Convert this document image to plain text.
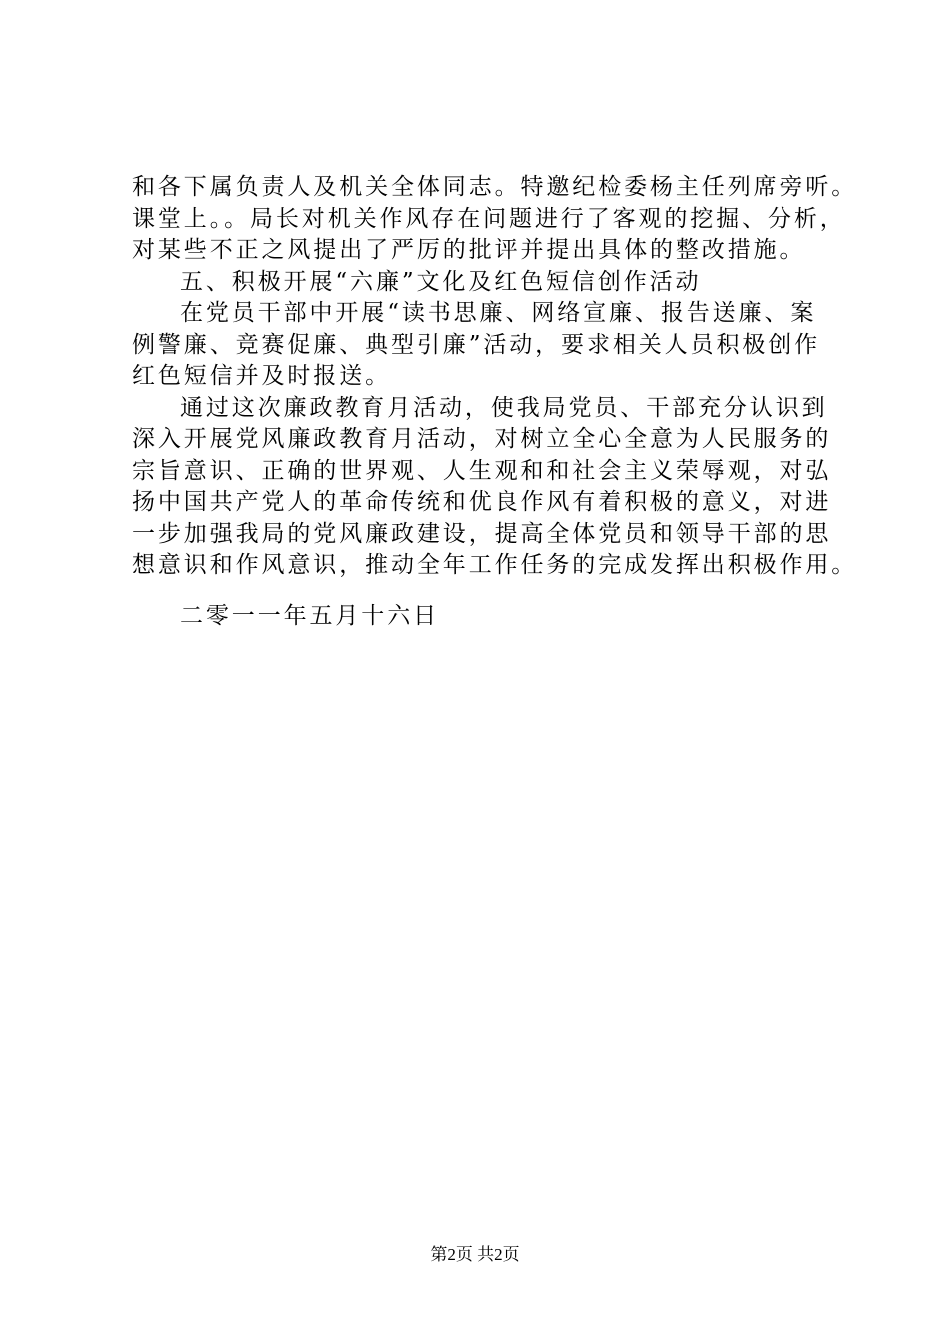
和各下属负责人及机关全体同志。特邀纪检委杨主任列席旁听。
课堂上。。局长对机关作风存在问题进行了客观的挖掘、分析，
对某些不正之风提出了严厉的批评并提出具体的整改措施。
五、积极开展“六廉”文化及红色短信创作活动
在党员干部中开展“读书思廉、网络宣廉、报告送廉、案
例警廉、竞赛促廉、典型引廉”活动，要求相关人员积极创作
红色短信并及时报送。
通过这次廉政教育月活动，使我局党员、干部充分认识到
深入开展党风廉政教育月活动，对树立全心全意为人民服务的
宗旨意识、正确的世界观、人生观和和社会主义荣辱观，对弘
扬中国共产党人的革命传统和优良作风有着积极的意义，对进
一步加强我局的党风廉政建设，提高全体党员和领导干部的思
想意识和作风意识，推动全年工作任务的完成发挥出积极作用。
二零一一年五月十六日
第2页 共2页
